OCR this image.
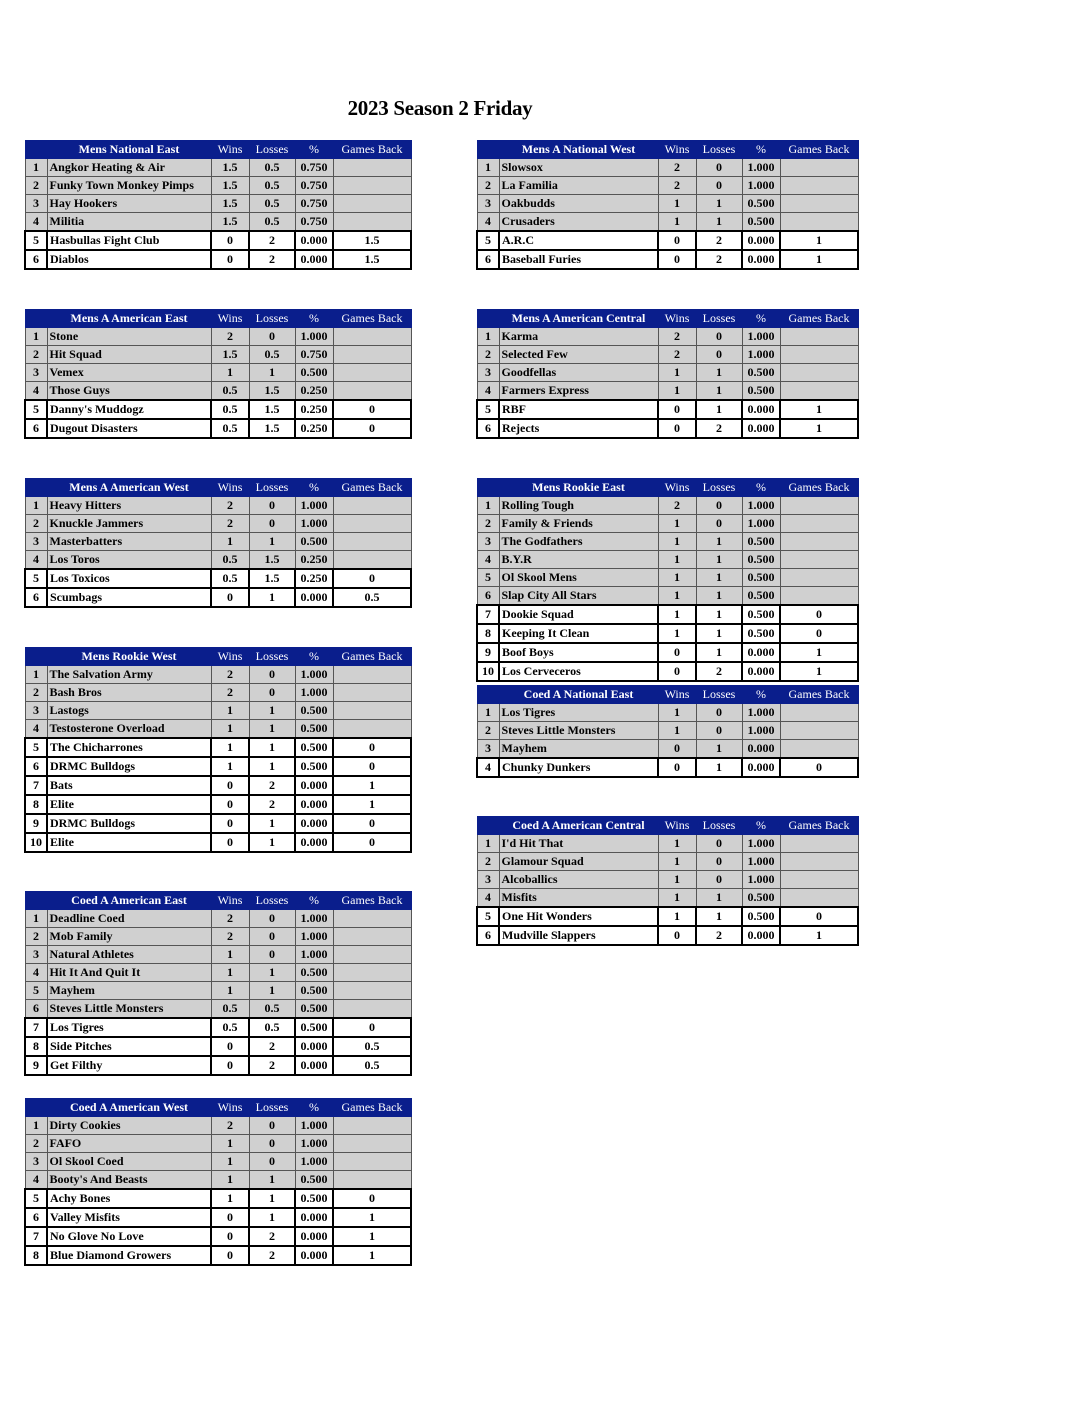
2023 Season 2 Friday
	Mens National East	Wins	Losses	%	Games Back
1	Angkor Heating & Air	1.5	0.5	0.750	
2	Funky Town Monkey Pimps	1.5	0.5	0.750	
3	Hay Hookers	1.5	0.5	0.750	
4	Militia	1.5	0.5	0.750	
5	Hasbullas Fight Club	0	2	0.000	1.5
6	Diablos	0	2	0.000	1.5
	Mens A National West	Wins	Losses	%	Games Back
1	Slowsox	2	0	1.000	
2	La Familia	2	0	1.000	
3	Oakbudds	1	1	0.500	
4	Crusaders	1	1	0.500	
5	A.R.C	0	2	0.000	1
6	Baseball Furies	0	2	0.000	1
	Mens A American East	Wins	Losses	%	Games Back
1	Stone	2	0	1.000	
2	Hit Squad	1.5	0.5	0.750	
3	Vemex	1	1	0.500	
4	Those Guys	0.5	1.5	0.250	
5	Danny's Muddogz	0.5	1.5	0.250	0
6	Dugout Disasters	0.5	1.5	0.250	0
	Mens A American Central	Wins	Losses	%	Games Back
1	Karma	2	0	1.000	
2	Selected Few	2	0	1.000	
3	Goodfellas	1	1	0.500	
4	Farmers Express	1	1	0.500	
5	RBF	0	1	0.000	1
6	Rejects	0	2	0.000	1
	Mens A American West	Wins	Losses	%	Games Back
1	Heavy Hitters	2	0	1.000	
2	Knuckle Jammers	2	0	1.000	
3	Masterbatters	1	1	0.500	
4	Los Toros	0.5	1.5	0.250	
5	Los Toxicos	0.5	1.5	0.250	0
6	Scumbags	0	1	0.000	0.5
	Mens Rookie East	Wins	Losses	%	Games Back
1	Rolling Tough	2	0	1.000	
2	Family & Friends	1	0	1.000	
3	The Godfathers	1	1	0.500	
4	B.Y.R	1	1	0.500	
5	Ol Skool Mens	1	1	0.500	
6	Slap City All Stars	1	1	0.500	
7	Dookie Squad	1	1	0.500	0
8	Keeping It Clean	1	1	0.500	0
9	Boof Boys	0	1	0.000	1
10	Los Cerveceros	0	2	0.000	1
	Mens Rookie West	Wins	Losses	%	Games Back
1	The Salvation Army	2	0	1.000	
2	Bash Bros	2	0	1.000	
3	Lastogs	1	1	0.500	
4	Testosterone Overload	1	1	0.500	
5	The Chicharrones	1	1	0.500	0
6	DRMC Bulldogs	1	1	0.500	0
7	Bats	0	2	0.000	1
8	Elite	0	2	0.000	1
9	DRMC Bulldogs	0	1	0.000	0
10	Elite	0	1	0.000	0
	Coed A National East	Wins	Losses	%	Games Back
1	Los Tigres	1	0	1.000	
2	Steves Little Monsters	1	0	1.000	
3	Mayhem	0	1	0.000	
4	Chunky Dunkers	0	1	0.000	0
	Coed A American Central	Wins	Losses	%	Games Back
1	I'd Hit That	1	0	1.000	
2	Glamour Squad	1	0	1.000	
3	Alcoballics	1	0	1.000	
4	Misfits	1	1	0.500	
5	One Hit Wonders	1	1	0.500	0
6	Mudville Slappers	0	2	0.000	1
	Coed A American East	Wins	Losses	%	Games Back
1	Deadline Coed	2	0	1.000	
2	Mob Family	2	0	1.000	
3	Natural Athletes	1	0	1.000	
4	Hit It And Quit It	1	1	0.500	
5	Mayhem	1	1	0.500	
6	Steves Little Monsters	0.5	0.5	0.500	
7	Los Tigres	0.5	0.5	0.500	0
8	Side Pitches	0	2	0.000	0.5
9	Get Filthy	0	2	0.000	0.5
	Coed A American West	Wins	Losses	%	Games Back
1	Dirty Cookies	2	0	1.000	
2	FAFO	1	0	1.000	
3	Ol Skool Coed	1	0	1.000	
4	Booty's And Beasts	1	1	0.500	
5	Achy Bones	1	1	0.500	0
6	Valley Misfits	0	1	0.000	1
7	No Glove No Love	0	2	0.000	1
8	Blue Diamond Growers	0	2	0.000	1
